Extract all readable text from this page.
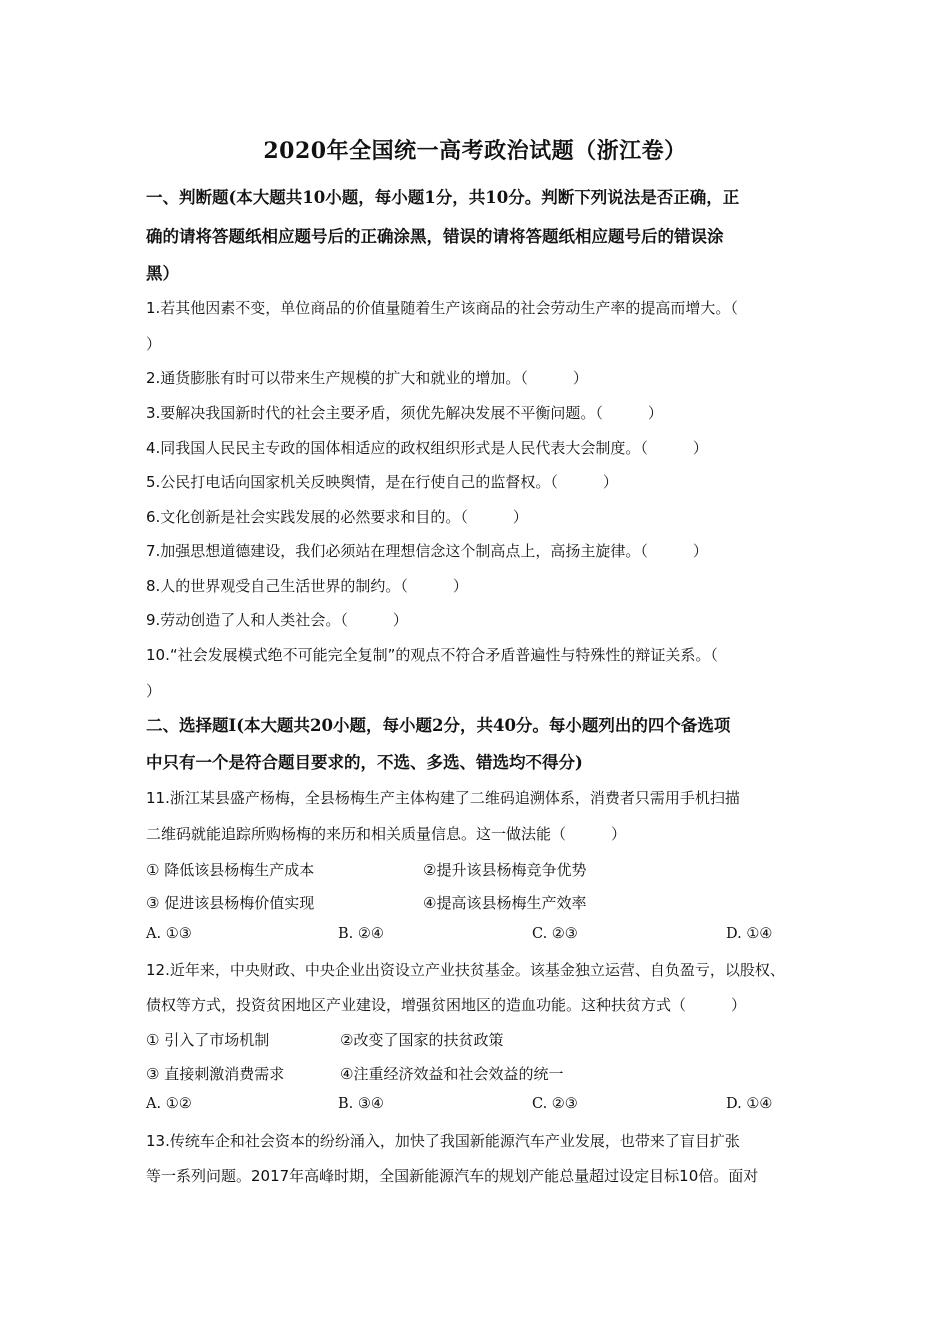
2020年全国统一高考政治试题（浙江卷）
一、判断题(本大题共10小题，每小题1分，共10分。判断下列说法是否正确，正
确的请将答题纸相应题号后的正确涂黑，错误的请将答题纸相应题号后的错误涂
黑）
1.若其他因素不变，单位商品的价值量随着生产该商品的社会劳动生产率的提高而增大。（
）
2.通货膨胀有时可以带来生产规模的扩大和就业的增加。（　　　）
3.要解决我国新时代的社会主要矛盾，须优先解决发展不平衡问题。（　　　）
4.同我国人民民主专政的国体相适应的政权组织形式是人民代表大会制度。（　　　）
5.公民打电话向国家机关反映舆情，是在行使自己的监督权。（　　　）
6.文化创新是社会实践发展的必然要求和目的。（　　　）
7.加强思想道德建设，我们必须站在理想信念这个制高点上，高扬主旋律。（　　　）
8.人的世界观受自己生活世界的制约。（　　　）
9.劳动创造了人和人类社会。（　　　）
10.“社会发展模式绝不可能完全复制”的观点不符合矛盾普遍性与特殊性的辩证关系。（
）
二、选择题Ⅰ(本大题共20小题，每小题2分，共40分。每小题列出的四个备选项
中只有一个是符合题目要求的，不选、多选、错选均不得分)
11.浙江某县盛产杨梅，全县杨梅生产主体构建了二维码追溯体系，消费者只需用手机扫描
二维码就能追踪所购杨梅的来历和相关质量信息。这一做法能（　　　）
① 降低该县杨梅生产成本	②提升该县杨梅竞争优势
③ 促进该县杨梅价值实现	④提高该县杨梅生产效率
A. ①③	B. ②④	C. ②③	D. ①④
12.近年来，中央财政、中央企业出资设立产业扶贫基金。该基金独立运营、自负盈亏，以股权、
债权等方式，投资贫困地区产业建设，增强贫困地区的造血功能。这种扶贫方式（　　　）
① 引入了市场机制	②改变了国家的扶贫政策
③ 直接刺激消费需求	④注重经济效益和社会效益的统一
A. ①②	B. ③④	C. ②③	D. ①④
13.传统车企和社会资本的纷纷涌入，加快了我国新能源汽车产业发展，也带来了盲目扩张
等一系列问题。2017年高峰时期，全国新能源汽车的规划产能总量超过设定目标10倍。面对
